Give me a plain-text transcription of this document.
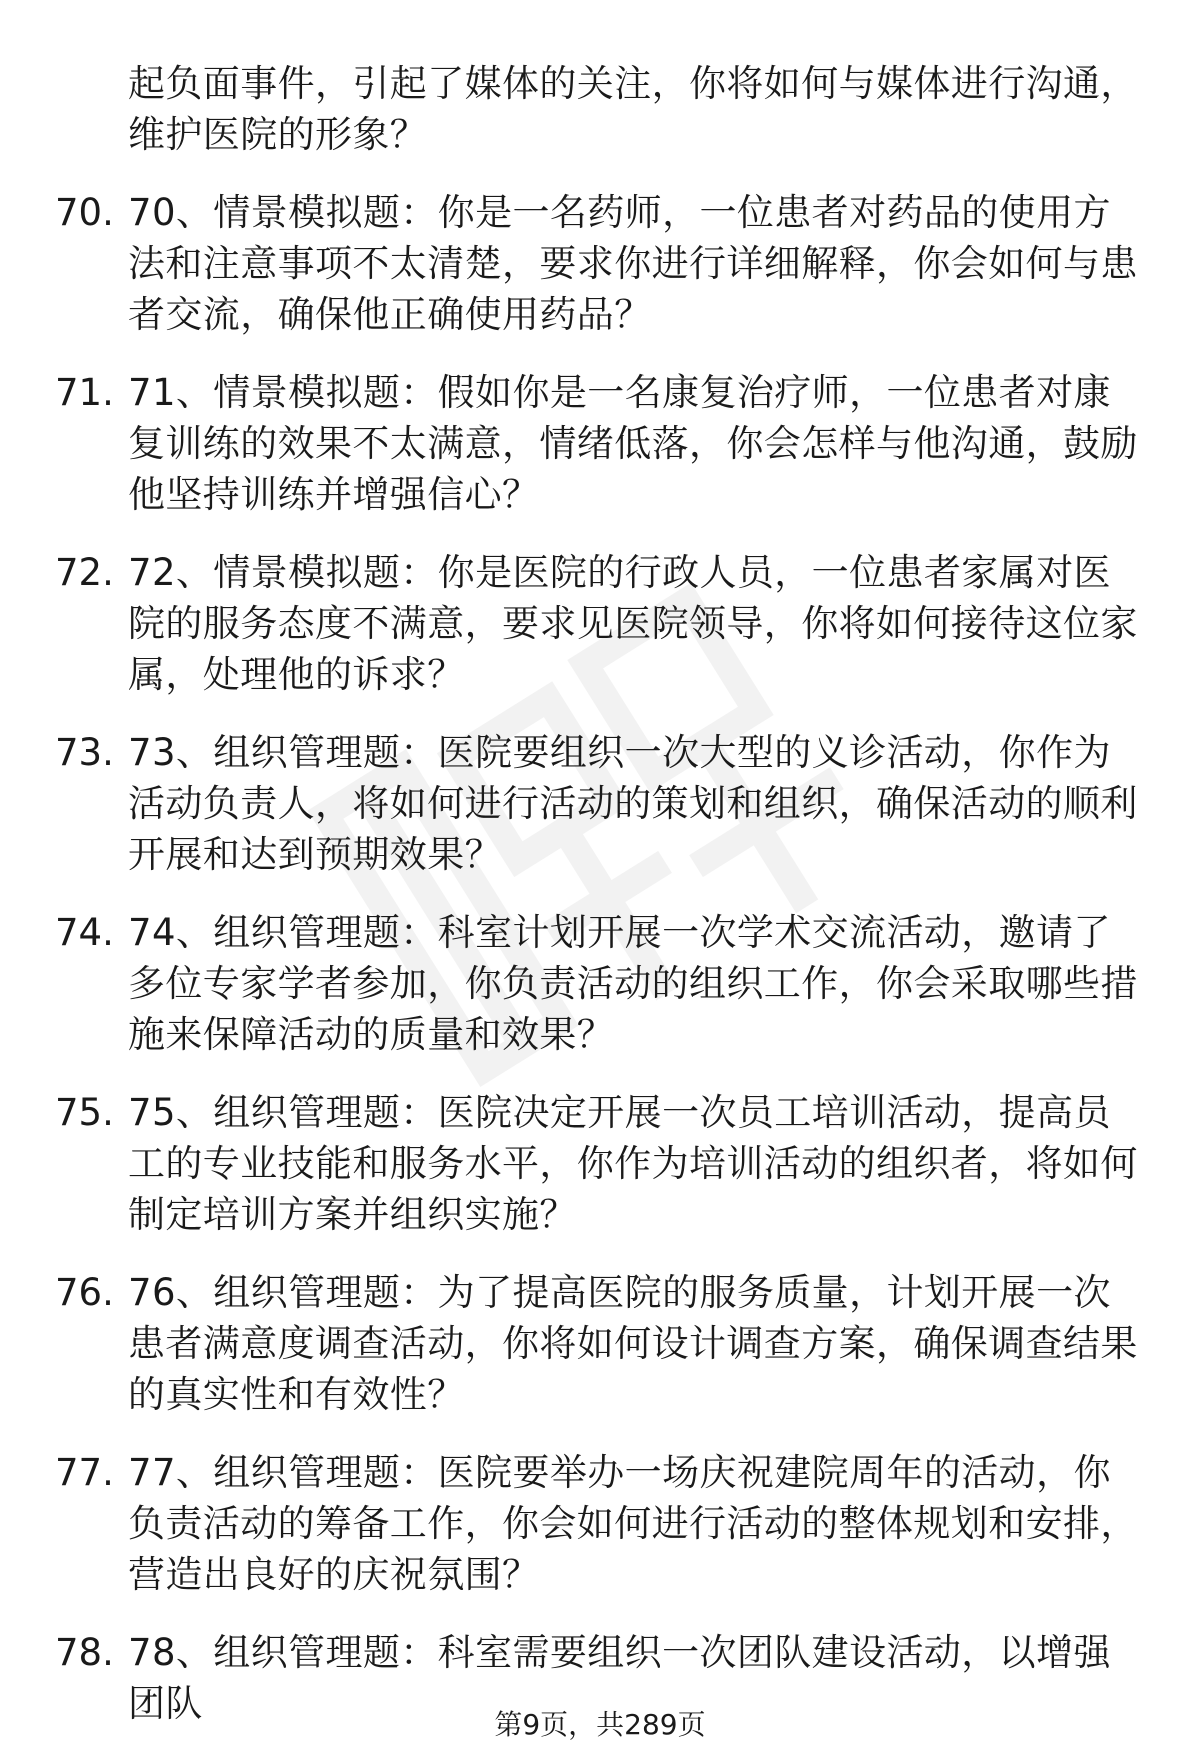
起负面事件，引起了媒体的关注，你将如何与媒体进行沟通，维护医院的形象？
70. 70、情景模拟题：你是一名药师，一位患者对药品的使用方法和注意事项不太清楚，要求你进行详细解释，你会如何与患者交流，确保他正确使用药品？
71. 71、情景模拟题：假如你是一名康复治疗师，一位患者对康复训练的效果不太满意，情绪低落，你会怎样与他沟通，鼓励他坚持训练并增强信心？
72. 72、情景模拟题：你是医院的行政人员，一位患者家属对医院的服务态度不满意，要求见医院领导，你将如何接待这位家属，处理他的诉求？
73. 73、组织管理题：医院要组织一次大型的义诊活动，你作为活动负责人，将如何进行活动的策划和组织，确保活动的顺利开展和达到预期效果？
74. 74、组织管理题：科室计划开展一次学术交流活动，邀请了多位专家学者参加，你负责活动的组织工作，你会采取哪些措施来保障活动的质量和效果？
75. 75、组织管理题：医院决定开展一次员工培训活动，提高员工的专业技能和服务水平，你作为培训活动的组织者，将如何制定培训方案并组织实施？
76. 76、组织管理题：为了提高医院的服务质量，计划开展一次患者满意度调查活动，你将如何设计调查方案，确保调查结果的真实性和有效性？
77. 77、组织管理题：医院要举办一场庆祝建院周年的活动，你负责活动的筹备工作，你会如何进行活动的整体规划和安排，营造出良好的庆祝氛围？
78. 78、组织管理题：科室需要组织一次团队建设活动，以增强团队	第9页，共289页
